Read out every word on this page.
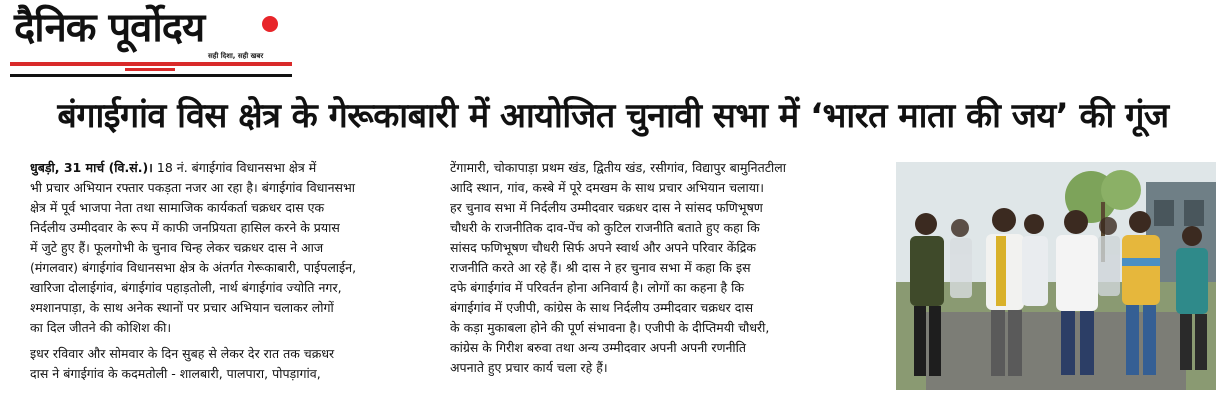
दैनिक पूर्वोदय
सही दिशा, सही खबर
बंगाईगांव विस क्षेत्र के गेरूकाबारी में आयोजित चुनावी सभा में ‘भारत माता की जय’ की गूंज
धुबड़ी, 31 मार्च (वि.सं.)। 18 नं. बंगाईगांव विधानसभा क्षेत्र में
भी प्रचार अभियान रफ्तार पकड़ता नजर आ रहा है। बंगाईगांव विधानसभा
क्षेत्र में पूर्व भाजपा नेता तथा सामाजिक कार्यकर्ता चक्रधर दास एक
निर्दलीय उम्मीदवार के रूप में काफी जनप्रियता हासिल करने के प्रयास
में जुटे हुए हैं। फूलगोभी के चुनाव चिन्ह लेकर चक्रधर दास ने आज
(मंगलवार) बंगाईगांव विधानसभा क्षेत्र के अंतर्गत गेरूकाबारी, पाईपलाईन,
खारिजा दोलाईगांव, बंगाईगांव पहाड़तोली, नार्थ बंगाईगांव ज्योति नगर,
श्मशानपाड़ा, के साथ अनेक स्थानों पर प्रचार अभियान चलाकर लोगों
का दिल जीतने की कोशिश की।
इधर रविवार और सोमवार के दिन सुबह से लेकर देर रात तक चक्रधर
दास ने बंगाईगांव के कदमतोली - शालबारी, पालपारा, पोपड़ागांव,
टेंगामारी, चोकापाड़ा प्रथम खंड, द्वितीय खंड, रसीगांव, विद्यापुर बामुनितटीला
आदि स्थान, गांव, कस्बे में पूरे दमखम के साथ प्रचार अभियान चलाया।
हर चुनाव सभा में निर्दलीय उम्मीदवार चक्रधर दास ने सांसद फणिभूषण
चौधरी के राजनीतिक दाव-पेंच को कुटिल राजनीति बताते हुए कहा कि
सांसद फणिभूषण चौधरी सिर्फ अपने स्वार्थ और अपने परिवार केंद्रिक
राजनीति करते आ रहे हैं। श्री दास ने हर चुनाव सभा में कहा कि इस
दफे बंगाईगांव में परिवर्तन होना अनिवार्य है। लोगों का कहना है कि
बंगाईगांव में एजीपी, कांग्रेस के साथ निर्दलीय उम्मीदवार चक्रधर दास
के कड़ा मुकाबला होने की पूर्ण संभावना है। एजीपी के दीप्तिमयी चौधरी,
कांग्रेस के गिरीश बरुवा तथा अन्य उम्मीदवार अपनी अपनी रणनीति
अपनाते हुए प्रचार कार्य चला रहे हैं।
